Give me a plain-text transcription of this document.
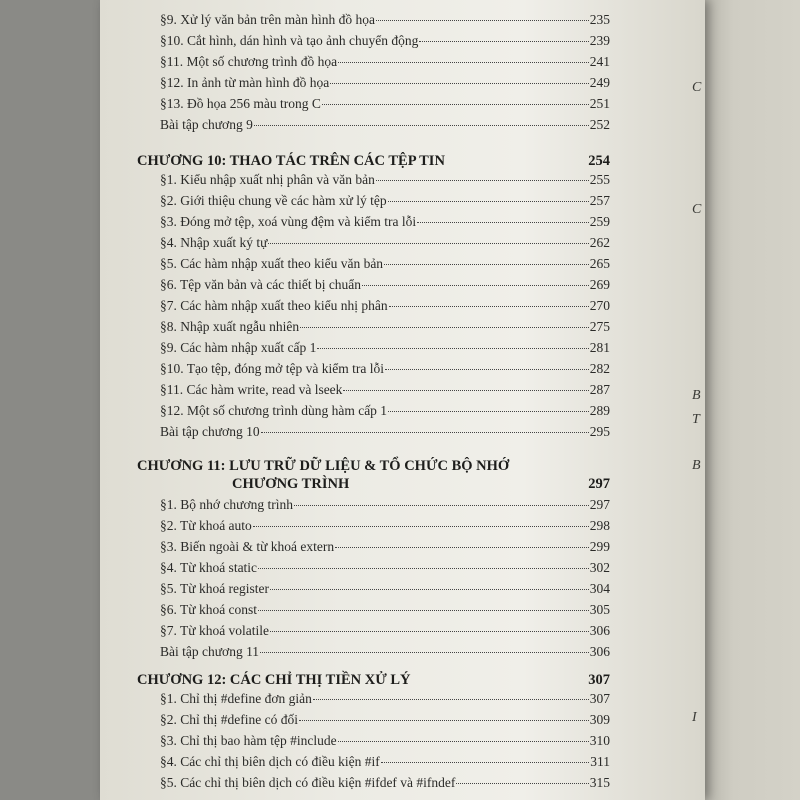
C
C
B
T
B
I
§9. Xử lý văn bản trên màn hình đồ họa	235
§10. Cắt hình, dán hình và tạo ảnh chuyển động	239
§11. Một số chương trình đồ họa	241
§12. In ảnh từ màn hình đồ họa	249
§13. Đồ họa 256 màu trong C	251
Bài tập chương 9	252
CHƯƠNG 10: THAO TÁC TRÊN CÁC TỆP TIN	254
§1. Kiểu nhập xuất nhị phân và văn bản	255
§2. Giới thiệu chung về các hàm xử lý tệp	257
§3. Đóng mở tệp, xoá vùng đệm và kiểm tra lỗi	259
§4. Nhập xuất ký tự	262
§5. Các hàm nhập xuất theo kiểu văn bản	265
§6. Tệp văn bản và các thiết bị chuẩn	269
§7. Các hàm nhập xuất theo kiểu nhị phân	270
§8. Nhập xuất ngẫu nhiên	275
§9. Các hàm nhập xuất cấp 1	281
§10. Tạo tệp, đóng mở tệp và kiểm tra lỗi	282
§11. Các hàm write, read và lseek	287
§12. Một số chương trình dùng hàm cấp 1	289
Bài tập chương 10	295
CHƯƠNG 11: LƯU TRỮ DỮ LIỆU & TỔ CHỨC BỘ NHỚ
CHƯƠNG TRÌNH	297
§1. Bộ nhớ chương trình	297
§2. Từ khoá auto	298
§3. Biến ngoài & từ khoá extern	299
§4. Từ khoá static	302
§5. Từ khoá register	304
§6. Từ khoá const	305
§7. Từ khoá volatile	306
Bài tập chương 11	306
CHƯƠNG 12: CÁC CHỈ THỊ TIỀN XỬ LÝ	307
§1. Chỉ thị #define đơn giản	307
§2. Chỉ thị #define có đối	309
§3. Chỉ thị bao hàm tệp #include	310
§4. Các chỉ thị biên dịch có điều kiện #if	311
§5. Các chỉ thị biên dịch có điều kiện #ifdef và #ifndef	315
